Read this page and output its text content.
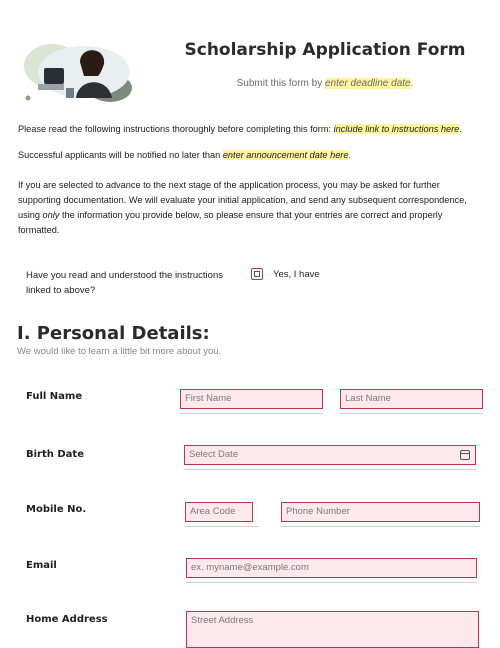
Scholarship Application Form
Submit this form by enter deadline date.
Please read the following instructions thoroughly before completing this form: include link to instructions here.
Successful applicants will be notified no later than enter announcement date here.
If you are selected to advance to the next stage of the application process, you may be asked for further supporting documentation. We will evaluate your initial application, and send any subsequent correspondence, using only the information you provide below, so please ensure that your entries are correct and properly formatted.
Have you read and understood the instructions linked to above?
Yes, I have
I. Personal Details:
We would like to learn a little bit more about you.
Full Name	First Name	Last Name
Birth Date	Select Date
Mobile No.	Area Code	Phone Number
Email	ex. myname@example.com
Home Address	Street Address
